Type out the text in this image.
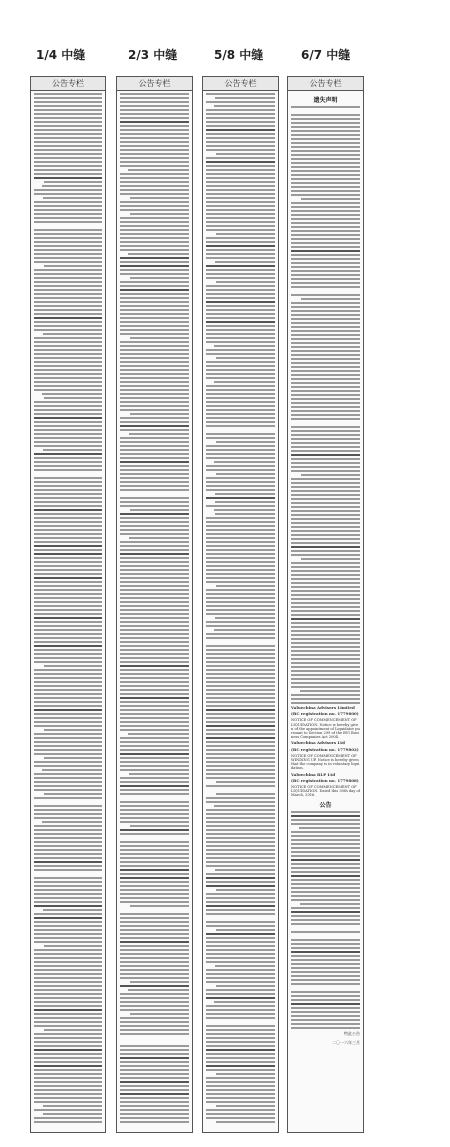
1/4 中缝	2/3 中缝	5/8 中缝	6/7 中缝
公告专栏	公告专栏	公告专栏	公告专栏
遗失声明
Valuechina Advisors Limited
(BC registration no. 1779800)
NOTICE OF COMMENCEMENT OF LIQUIDATION. Notice is hereby given of the appointment of Liquidator pursuant to Section 299 of the BVI Business Companies Act 2004.
Valuechina Advisors Ltd
(BC registration no. 1779802)
NOTICE OF COMMENCEMENT OF WINDING UP. Notice is hereby given that the company is in voluntary liquidation.
Valuechina RLP Ltd
(BC registration no. 1779808)
NOTICE OF COMMENCEMENT OF LIQUIDATION. Dated this 30th day of March, 2016.
公告
特此公告
二〇一六年三月
